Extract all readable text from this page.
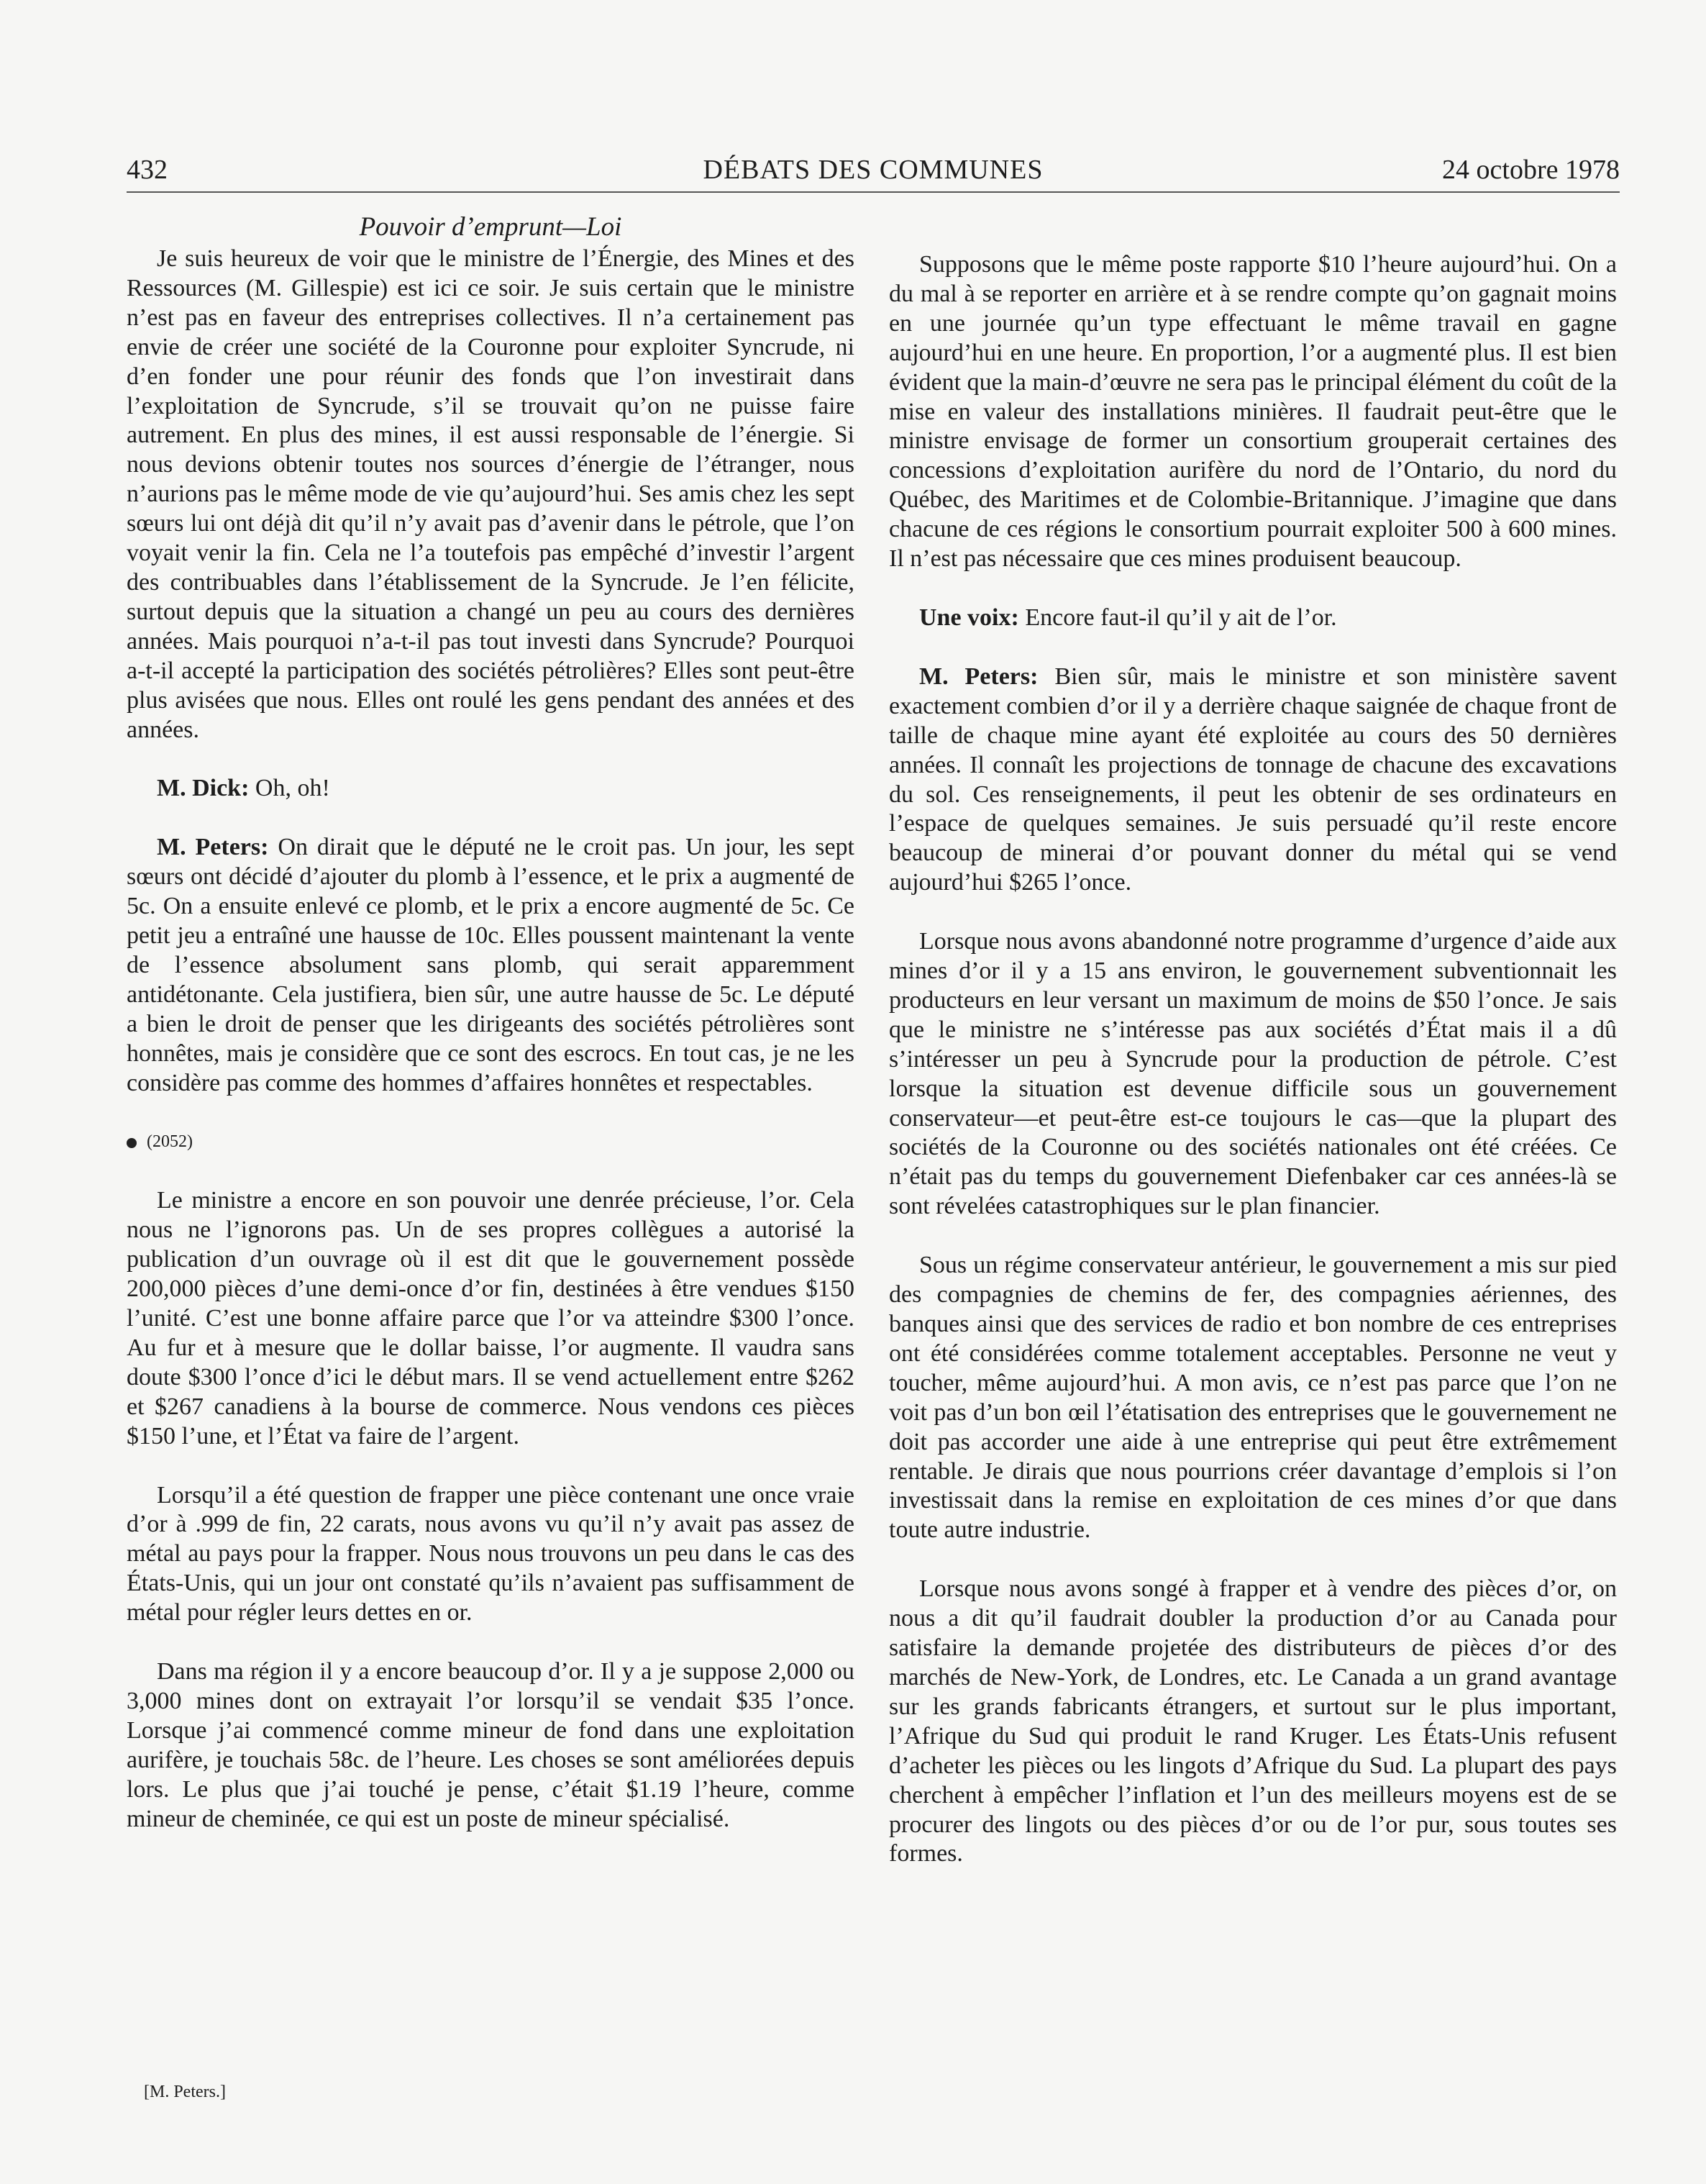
432	DÉBATS DES COMMUNES	24 octobre 1978
Pouvoir d’emprunt—Loi

Je suis heureux de voir que le ministre de l’Énergie, des Mines et des Ressources (M. Gillespie) est ici ce soir. Je suis certain que le ministre n’est pas en faveur des entreprises collectives. Il n’a certainement pas envie de créer une société de la Couronne pour exploiter Syncrude, ni d’en fonder une pour réunir des fonds que l’on investirait dans l’exploitation de Syncrude, s’il se trouvait qu’on ne puisse faire autrement. En plus des mines, il est aussi responsable de l’énergie. Si nous devions obtenir toutes nos sources d’énergie de l’étranger, nous n’aurions pas le même mode de vie qu’aujourd’hui. Ses amis chez les sept sœurs lui ont déjà dit qu’il n’y avait pas d’avenir dans le pétrole, que l’on voyait venir la fin. Cela ne l’a toutefois pas empêché d’investir l’argent des contribuables dans l’établissement de la Syncrude. Je l’en félicite, surtout depuis que la situation a changé un peu au cours des dernières années. Mais pourquoi n’a-t-il pas tout investi dans Syncrude? Pourquoi a-t-il accepté la participation des sociétés pétrolières? Elles sont peut-être plus avisées que nous. Elles ont roulé les gens pendant des années et des années.

M. Dick: Oh, oh!

M. Peters: On dirait que le député ne le croit pas. Un jour, les sept sœurs ont décidé d’ajouter du plomb à l’essence, et le prix a augmenté de 5c. On a ensuite enlevé ce plomb, et le prix a encore augmenté de 5c. Ce petit jeu a entraîné une hausse de 10c. Elles poussent maintenant la vente de l’essence absolument sans plomb, qui serait apparemment antidétonante. Cela justifiera, bien sûr, une autre hausse de 5c. Le député a bien le droit de penser que les dirigeants des sociétés pétrolières sont honnêtes, mais je considère que ce sont des escrocs. En tout cas, je ne les considère pas comme des hommes d’affaires honnêtes et respectables.

(2052)

Le ministre a encore en son pouvoir une denrée précieuse, l’or. Cela nous ne l’ignorons pas. Un de ses propres collègues a autorisé la publication d’un ouvrage où il est dit que le gouvernement possède 200,000 pièces d’une demi-once d’or fin, destinées à être vendues $150 l’unité. C’est une bonne affaire parce que l’or va atteindre $300 l’once. Au fur et à mesure que le dollar baisse, l’or augmente. Il vaudra sans doute $300 l’once d’ici le début mars. Il se vend actuellement entre $262 et $267 canadiens à la bourse de commerce. Nous vendons ces pièces $150 l’une, et l’État va faire de l’argent.

Lorsqu’il a été question de frapper une pièce contenant une once vraie d’or à .999 de fin, 22 carats, nous avons vu qu’il n’y avait pas assez de métal au pays pour la frapper. Nous nous trouvons un peu dans le cas des États-Unis, qui un jour ont constaté qu’ils n’avaient pas suffisamment de métal pour régler leurs dettes en or.

Dans ma région il y a encore beaucoup d’or. Il y a je suppose 2,000 ou 3,000 mines dont on extrayait l’or lorsqu’il se vendait $35 l’once. Lorsque j’ai commencé comme mineur de fond dans une exploitation aurifère, je touchais 58c. de l’heure. Les choses se sont améliorées depuis lors. Le plus que j’ai touché je pense, c’était $1.19 l’heure, comme mineur de cheminée, ce qui est un poste de mineur spécialisé.

[M. Peters.]

Supposons que le même poste rapporte $10 l’heure aujourd’hui. On a du mal à se reporter en arrière et à se rendre compte qu’on gagnait moins en une journée qu’un type effectuant le même travail en gagne aujourd’hui en une heure. En proportion, l’or a augmenté plus. Il est bien évident que la main-d’œuvre ne sera pas le principal élément du coût de la mise en valeur des installations minières. Il faudrait peut-être que le ministre envisage de former un consortium grouperait certaines des concessions d’exploitation aurifère du nord de l’Ontario, du nord du Québec, des Maritimes et de Colombie-Britannique. J’imagine que dans chacune de ces régions le consortium pourrait exploiter 500 à 600 mines. Il n’est pas nécessaire que ces mines produisent beaucoup.

Une voix: Encore faut-il qu’il y ait de l’or.

M. Peters: Bien sûr, mais le ministre et son ministère savent exactement combien d’or il y a derrière chaque saignée de chaque front de taille de chaque mine ayant été exploitée au cours des 50 dernières années. Il connaît les projections de tonnage de chacune des excavations du sol. Ces renseignements, il peut les obtenir de ses ordinateurs en l’espace de quelques semaines. Je suis persuadé qu’il reste encore beaucoup de minerai d’or pouvant donner du métal qui se vend aujourd’hui $265 l’once.

Lorsque nous avons abandonné notre programme d’urgence d’aide aux mines d’or il y a 15 ans environ, le gouvernement subventionnait les producteurs en leur versant un maximum de moins de $50 l’once. Je sais que le ministre ne s’intéresse pas aux sociétés d’État mais il a dû s’intéresser un peu à Syncrude pour la production de pétrole. C’est lorsque la situation est devenue difficile sous un gouvernement conservateur—et peut-être est-ce toujours le cas—que la plupart des sociétés de la Couronne ou des sociétés nationales ont été créées. Ce n’était pas du temps du gouvernement Diefenbaker car ces années-là se sont révelées catastrophiques sur le plan financier.

Sous un régime conservateur antérieur, le gouvernement a mis sur pied des compagnies de chemins de fer, des compagnies aériennes, des banques ainsi que des services de radio et bon nombre de ces entreprises ont été considérées comme totalement acceptables. Personne ne veut y toucher, même aujourd’hui. A mon avis, ce n’est pas parce que l’on ne voit pas d’un bon œil l’étatisation des entreprises que le gouvernement ne doit pas accorder une aide à une entreprise qui peut être extrêmement rentable. Je dirais que nous pourrions créer davantage d’emplois si l’on investissait dans la remise en exploitation de ces mines d’or que dans toute autre industrie.

Lorsque nous avons songé à frapper et à vendre des pièces d’or, on nous a dit qu’il faudrait doubler la production d’or au Canada pour satisfaire la demande projetée des distributeurs de pièces d’or des marchés de New-York, de Londres, etc. Le Canada a un grand avantage sur les grands fabricants étrangers, et surtout sur le plus important, l’Afrique du Sud qui produit le rand Kruger. Les États-Unis refusent d’acheter les pièces ou les lingots d’Afrique du Sud. La plupart des pays cherchent à empêcher l’inflation et l’un des meilleurs moyens est de se procurer des lingots ou des pièces d’or ou de l’or pur, sous toutes ses formes.
